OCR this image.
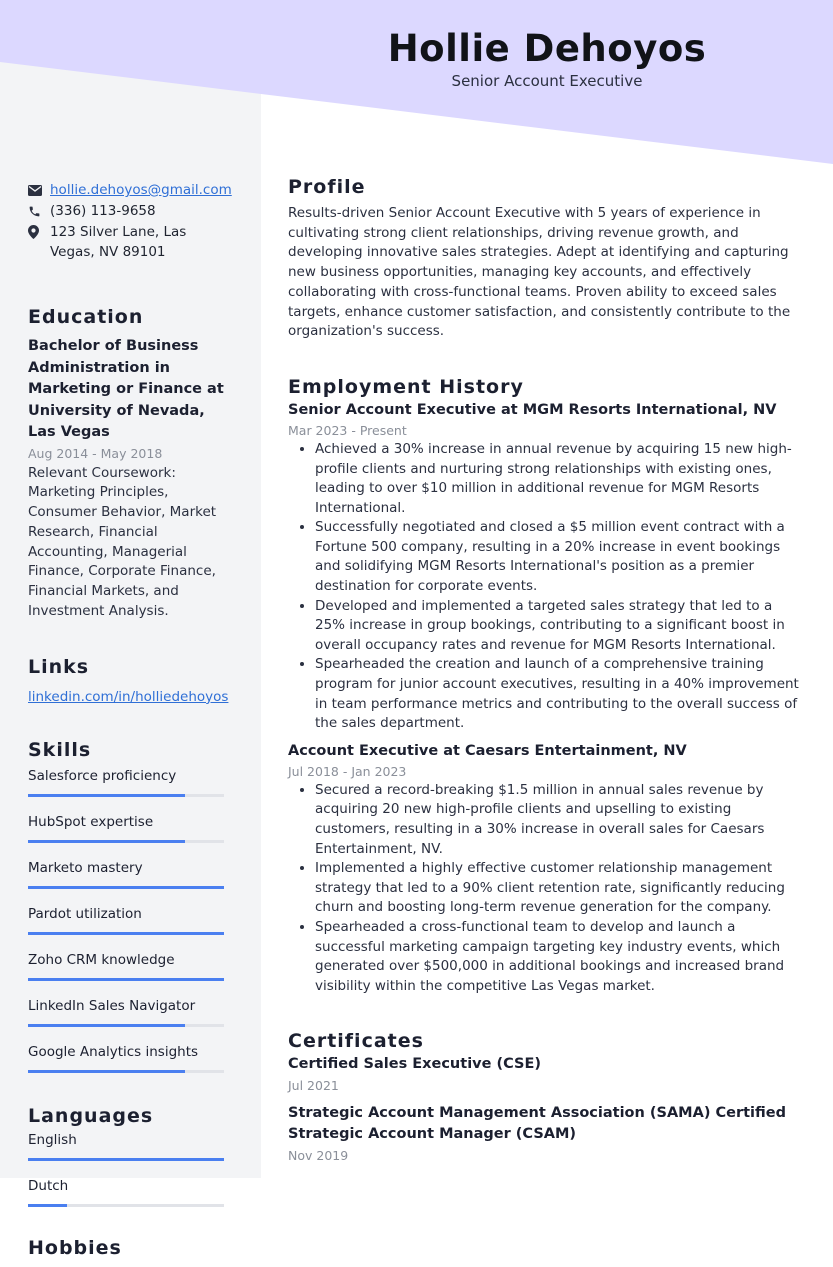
Hollie Dehoyos
Senior Account Executive
hollie.dehoyos@gmail.com
(336) 113-9658
123 Silver Lane, Las Vegas, NV 89101
Education
Bachelor of Business Administration in Marketing or Finance at University of Nevada, Las Vegas
Aug 2014 - May 2018
Relevant Coursework: Marketing Principles, Consumer Behavior, Market Research, Financial Accounting, Managerial Finance, Corporate Finance, Financial Markets, and Investment Analysis.
Links
linkedin.com/in/holliedehoyos
Skills
Salesforce proficiency
HubSpot expertise
Marketo mastery
Pardot utilization
Zoho CRM knowledge
LinkedIn Sales Navigator
Google Analytics insights
Languages
English
Dutch
Hobbies
Profile
Results-driven Senior Account Executive with 5 years of experience in cultivating strong client relationships, driving revenue growth, and developing innovative sales strategies. Adept at identifying and capturing new business opportunities, managing key accounts, and effectively collaborating with cross-functional teams. Proven ability to exceed sales targets, enhance customer satisfaction, and consistently contribute to the organization's success.
Employment History
Senior Account Executive at MGM Resorts International, NV
Mar 2023 - Present
• Achieved a 30% increase in annual revenue by acquiring 15 new high-profile clients and nurturing strong relationships with existing ones, leading to over $10 million in additional revenue for MGM Resorts International.
• Successfully negotiated and closed a $5 million event contract with a Fortune 500 company, resulting in a 20% increase in event bookings and solidifying MGM Resorts International's position as a premier destination for corporate events.
• Developed and implemented a targeted sales strategy that led to a 25% increase in group bookings, contributing to a significant boost in overall occupancy rates and revenue for MGM Resorts International.
• Spearheaded the creation and launch of a comprehensive training program for junior account executives, resulting in a 40% improvement in team performance metrics and contributing to the overall success of the sales department.
Account Executive at Caesars Entertainment, NV
Jul 2018 - Jan 2023
• Secured a record-breaking $1.5 million in annual sales revenue by acquiring 20 new high-profile clients and upselling to existing customers, resulting in a 30% increase in overall sales for Caesars Entertainment, NV.
• Implemented a highly effective customer relationship management strategy that led to a 90% client retention rate, significantly reducing churn and boosting long-term revenue generation for the company.
• Spearheaded a cross-functional team to develop and launch a successful marketing campaign targeting key industry events, which generated over $500,000 in additional bookings and increased brand visibility within the competitive Las Vegas market.
Certificates
Certified Sales Executive (CSE)
Jul 2021
Strategic Account Management Association (SAMA) Certified Strategic Account Manager (CSAM)
Nov 2019
